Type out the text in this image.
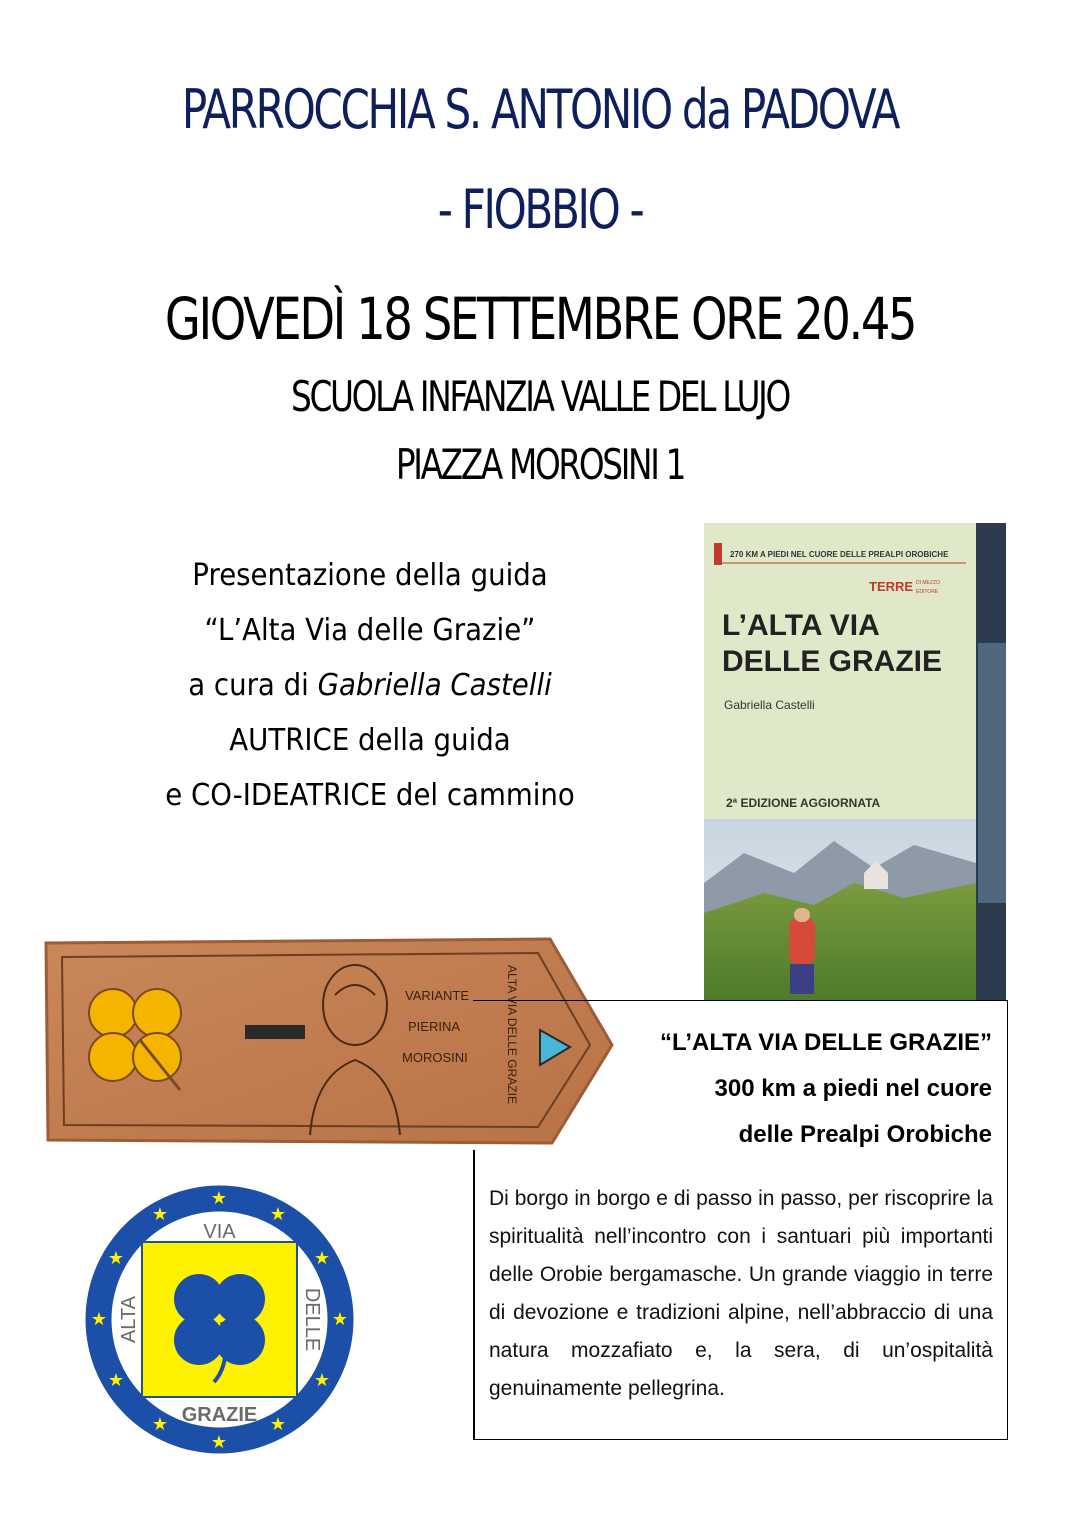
PARROCCHIA S. ANTONIO da PADOVA
- FIOBBIO -
GIOVEDÌ 18 SETTEMBRE ORE 20.45
SCUOLA INFANZIA VALLE DEL LUJO
PIAZZA MOROSINI 1
Presentazione della guida
“L’Alta Via delle Grazie”
a cura di Gabriella Castelli
AUTRICE della guida
e CO-IDEATRICE del cammino
270 KM A PIEDI NEL CUORE DELLE PREALPI OROBICHE
TERRE DI MEZZO
EDITORE
L’ALTA VIA
DELLE GRAZIE
Gabriella Castelli
2ª EDIZIONE AGGIORNATA
VARIANTE
PIERINA
MOROSINI	ALTA VIA DELLE GRAZIE
★
★
★
★
★
★
★
★
★
★
★
★
VIA
GRAZIE
ALTA	DELLE
“L’ALTA VIA DELLE GRAZIE”
300 km a piedi nel cuore
delle Prealpi Orobiche
Di borgo in borgo e di passo in passo, per riscoprire la spiritualità nell’incontro con i santuari più importanti delle Orobie bergamasche. Un grande viaggio in terre di devozione e tradizioni alpine, nell’abbraccio di una natura mozzafiato e, la sera, di un’ospitalità genuinamente pellegrina.
